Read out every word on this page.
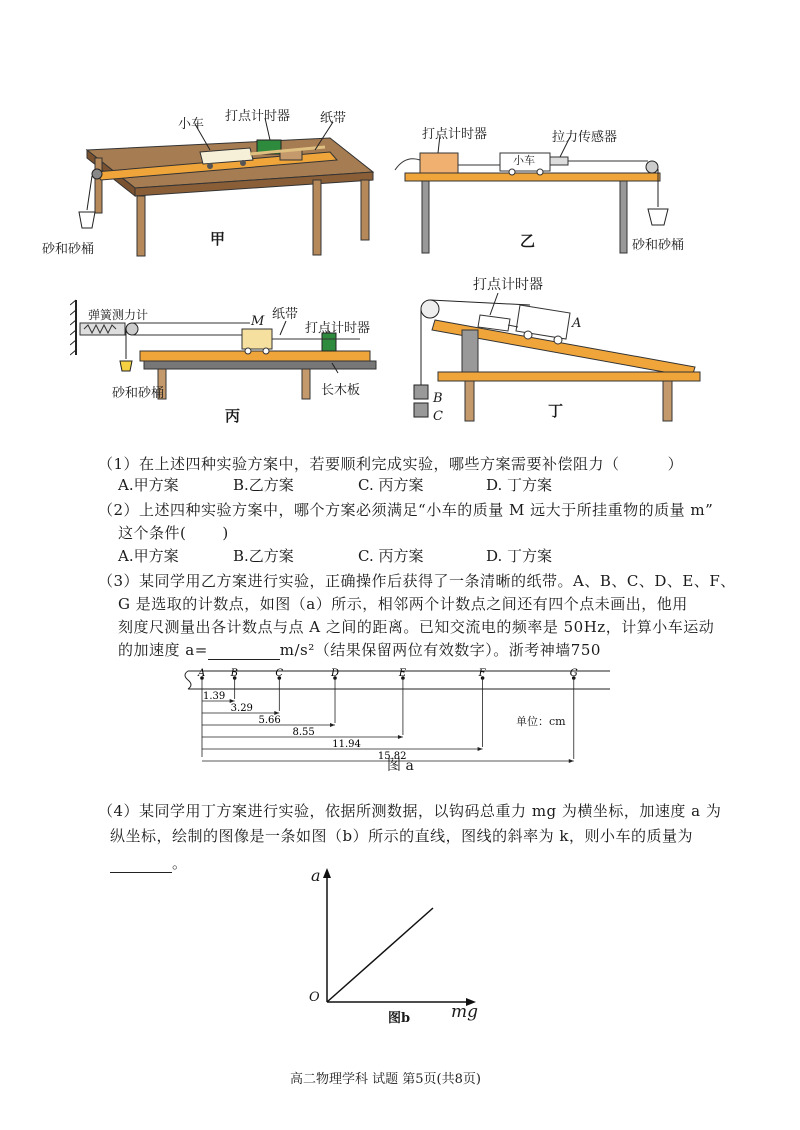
小车
打点计时器 纸带
砂和砂桶
甲
打点计时器
小车
拉力传感器
砂和砂桶
乙
弹簧测力计	M 纸带
打点计时器
砂和砂桶	长木板
丙
打点计时器
A
B
C	丁
（1）在上述四种实验方案中，若要顺利完成实验，哪些方案需要补偿阻力（	）
A.甲方案	B.乙方案	C. 丙方案	D. 丁方案
（2）上述四种实验方案中，哪个方案必须满足“小车的质量 M 远大于所挂重物的质量 m”
这个条件( )
A.甲方案	B.乙方案	C. 丙方案	D. 丁方案
（3）某同学用乙方案进行实验，正确操作后获得了一条清晰的纸带。A、B、C、D、E、F、
G 是选取的计数点，如图（a）所示，相邻两个计数点之间还有四个点未画出，他用
刻度尺测量出各计数点与点 A 之间的距离。已知交流电的频率是 50Hz，计算小车运动
的加速度 a=	m/s²（结果保留两位有效数字）。浙考神墙750
A	B	C	D	E	F	G
1.39
3.29
5.66
8.55
11.94
15.82
单位：cm
图 a
（4）某同学用丁方案进行实验，依据所测数据，以钩码总重力 mg 为横坐标，加速度 a 为
纵坐标，绘制的图像是一条如图（b）所示的直线，图线的斜率为 k，则小车的质量为
。
a
O
mg
图b
高二物理学科 试题 第5页(共8页)
